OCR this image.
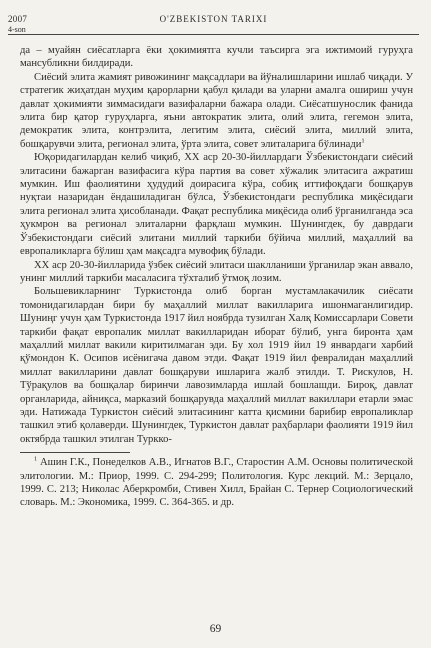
2007
4-son
O'ZBEKISTON TARIXI

да – муайян сиёсатларга ёки ҳокимиятга кучли таъсирга эга ижтимоий гуруҳга мансубликни билдиради.

Сиёсий элита жамият ривожининг мақсадлари ва йўналишларини ишлаб чиқади. У стратегик жиҳатдан муҳим қарорларни қабул қилади ва уларни амалга ошириш учун давлат ҳокимияти зиммасидаги вазифаларни бажара олади. Сиёсатшунослик фанида элита бир қатор гуруҳларга, яъни автократик элита, олий элита, гегемон элита, демократик элита, контрэлита, легитим элита, сиёсий элита, миллий элита, бошқарувчи элита, регионал элита, ўрта элита, совет элиталарига бўлинади$^1$

Юқоридагилардан келиб чиқиб, ХХ аср 20-30-йиллардаги Ўзбекистондаги сиёсий элитасини бажарган вазифасига кўра партия ва совет хўжалик элитасига ажратиш мумкин. Иш фаолиятини ҳудудий доирасига кўра, собиқ иттифоқдаги бошқарув нуқтаи назаридан ёндашиладиган бўлса, Ўзбекистондаги республика миқёсидаги элита регионал элита ҳисобланади. Фақат республика миқёсида олиб ўрганилганда эса ҳукмрон ва регионал элиталарни фарқлаш мумкин. Шунингдек, бу даврдаги Ўзбекистондаги сиёсий элитани миллий таркиби бўйича миллий, маҳаллий ва европаликларга бўлиш ҳам мақсадга мувофиқ бўлади.

ХХ аср 20-30-йилларида ўзбек сиёсий элитаси шаклланиши ўрганилар экан аввало, унинг миллий таркиби масаласига тўхталиб ўтмоқ лозим.

Большевикларнинг Туркистонда олиб борган мустамлакачилик сиёсати томонидагилардан бири бу маҳаллий миллат вакилларига ишонмаганлигидир. Шуниңг учун ҳам Туркистонда 1917 йил ноябрда тузилган Халқ Комиссарлари Совети таркиби фақат европалик миллат вакилларидан иборат бўлиб, унга биронта ҳам маҳаллий миллат вакили киритилмаган эди. Бу хол 1919 йил 19 январдаги харбий қўмондон К. Осипов исёнигача давом этди. Фақат 1919 йил февралидан маҳаллий миллат вакилларини давлат бошқаруви ишларига жалб этилди. Т. Рискулов, Н. Тўрақулов ва бошқалар биринчи лавозимларда ишлай бошлашди. Бироқ, давлат органларида, айниқса, марказий бошқарувда маҳаллий миллат вакиллари етарли эмас эди. Натижада Туркистон сиёсий элитасининг катта қисмини барибир европаликлар ташкил этиб қолаверди. Шунингдек, Туркистон давлат раҳбарлари фаолияти 1919 йил октябрда ташкил этилган Туркко-

$^1$ Ашин Г.К., Понеделков А.В., Игнатов В.Г., Старостин А.М. Основы политической элитологии. М.: Приор, 1999. С. 294-299; Политология. Курс лекций. М.: Зерцало, 1999. С. 213; Николас Аберкромби, Стивен Хилл, Брайан С. Тернер Социологический словарь. М.: Экономика, 1999. С. 364-365. и др.

69
